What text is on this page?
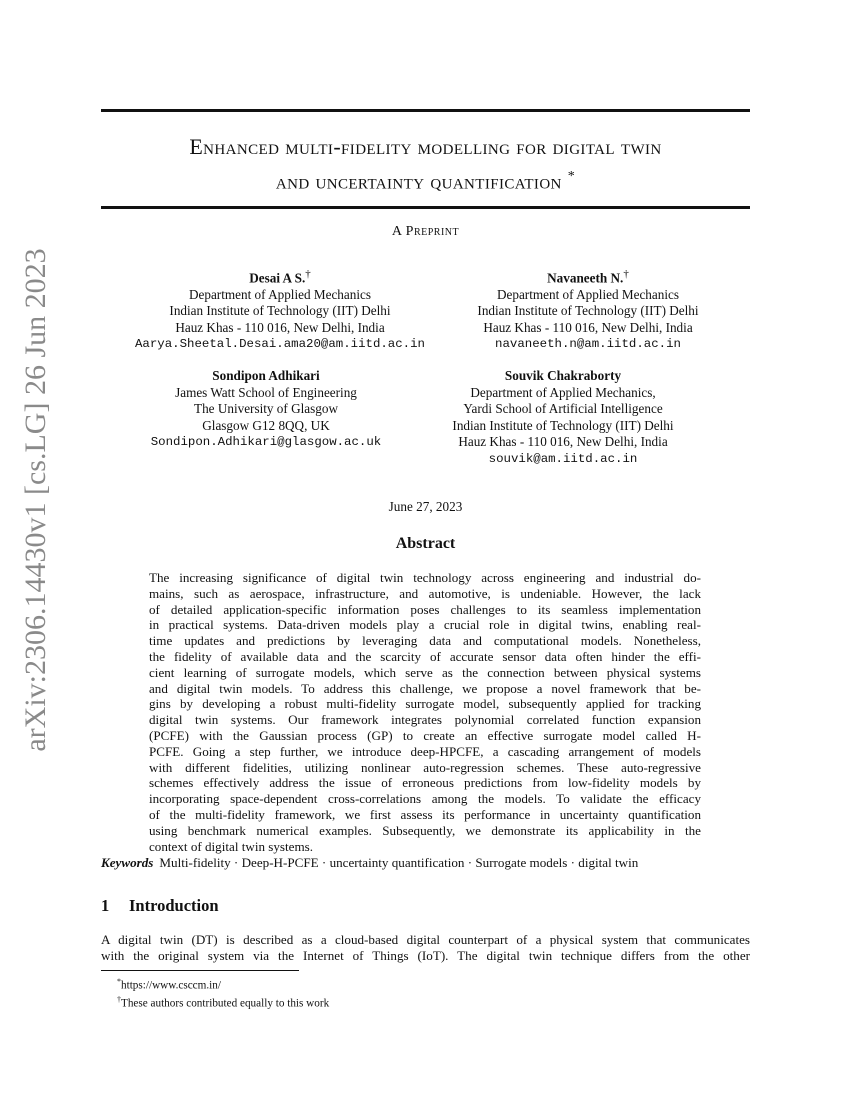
arXiv:2306.14430v1 [cs.LG] 26 Jun 2023
Enhanced multi-fidelity modelling for digital twin
and uncertainty quantification *
A Preprint
Desai A S.†
Department of Applied Mechanics
Indian Institute of Technology (IIT) Delhi
Hauz Khas - 110 016, New Delhi, India
Aarya.Sheetal.Desai.ama20@am.iitd.ac.in
Navaneeth N.†
Department of Applied Mechanics
Indian Institute of Technology (IIT) Delhi
Hauz Khas - 110 016, New Delhi, India
navaneeth.n@am.iitd.ac.in
Sondipon Adhikari
James Watt School of Engineering
The University of Glasgow
Glasgow G12 8QQ, UK
Sondipon.Adhikari@glasgow.ac.uk
Souvik Chakraborty
Department of Applied Mechanics,
Yardi School of Artificial Intelligence
Indian Institute of Technology (IIT) Delhi
Hauz Khas - 110 016, New Delhi, India
souvik@am.iitd.ac.in
June 27, 2023
Abstract
The increasing significance of digital twin technology across engineering and industrial do-
mains, such as aerospace, infrastructure, and automotive, is undeniable. However, the lack
of detailed application-specific information poses challenges to its seamless implementation
in practical systems. Data-driven models play a crucial role in digital twins, enabling real-
time updates and predictions by leveraging data and computational models. Nonetheless,
the fidelity of available data and the scarcity of accurate sensor data often hinder the effi-
cient learning of surrogate models, which serve as the connection between physical systems
and digital twin models. To address this challenge, we propose a novel framework that be-
gins by developing a robust multi-fidelity surrogate model, subsequently applied for tracking
digital twin systems. Our framework integrates polynomial correlated function expansion
(PCFE) with the Gaussian process (GP) to create an effective surrogate model called H-
PCFE. Going a step further, we introduce deep-HPCFE, a cascading arrangement of models
with different fidelities, utilizing nonlinear auto-regression schemes. These auto-regressive
schemes effectively address the issue of erroneous predictions from low-fidelity models by
incorporating space-dependent cross-correlations among the models. To validate the efficacy
of the multi-fidelity framework, we first assess its performance in uncertainty quantification
using benchmark numerical examples. Subsequently, we demonstrate its applicability in the
context of digital twin systems.
Keywords Multi-fidelity · Deep-H-PCFE · uncertainty quantification · Surrogate models · digital twin
1 Introduction
A digital twin (DT) is described as a cloud-based digital counterpart of a physical system that communicates
with the original system via the Internet of Things (IoT). The digital twin technique differs from the other
*https://www.csccm.in/
†These authors contributed equally to this work
